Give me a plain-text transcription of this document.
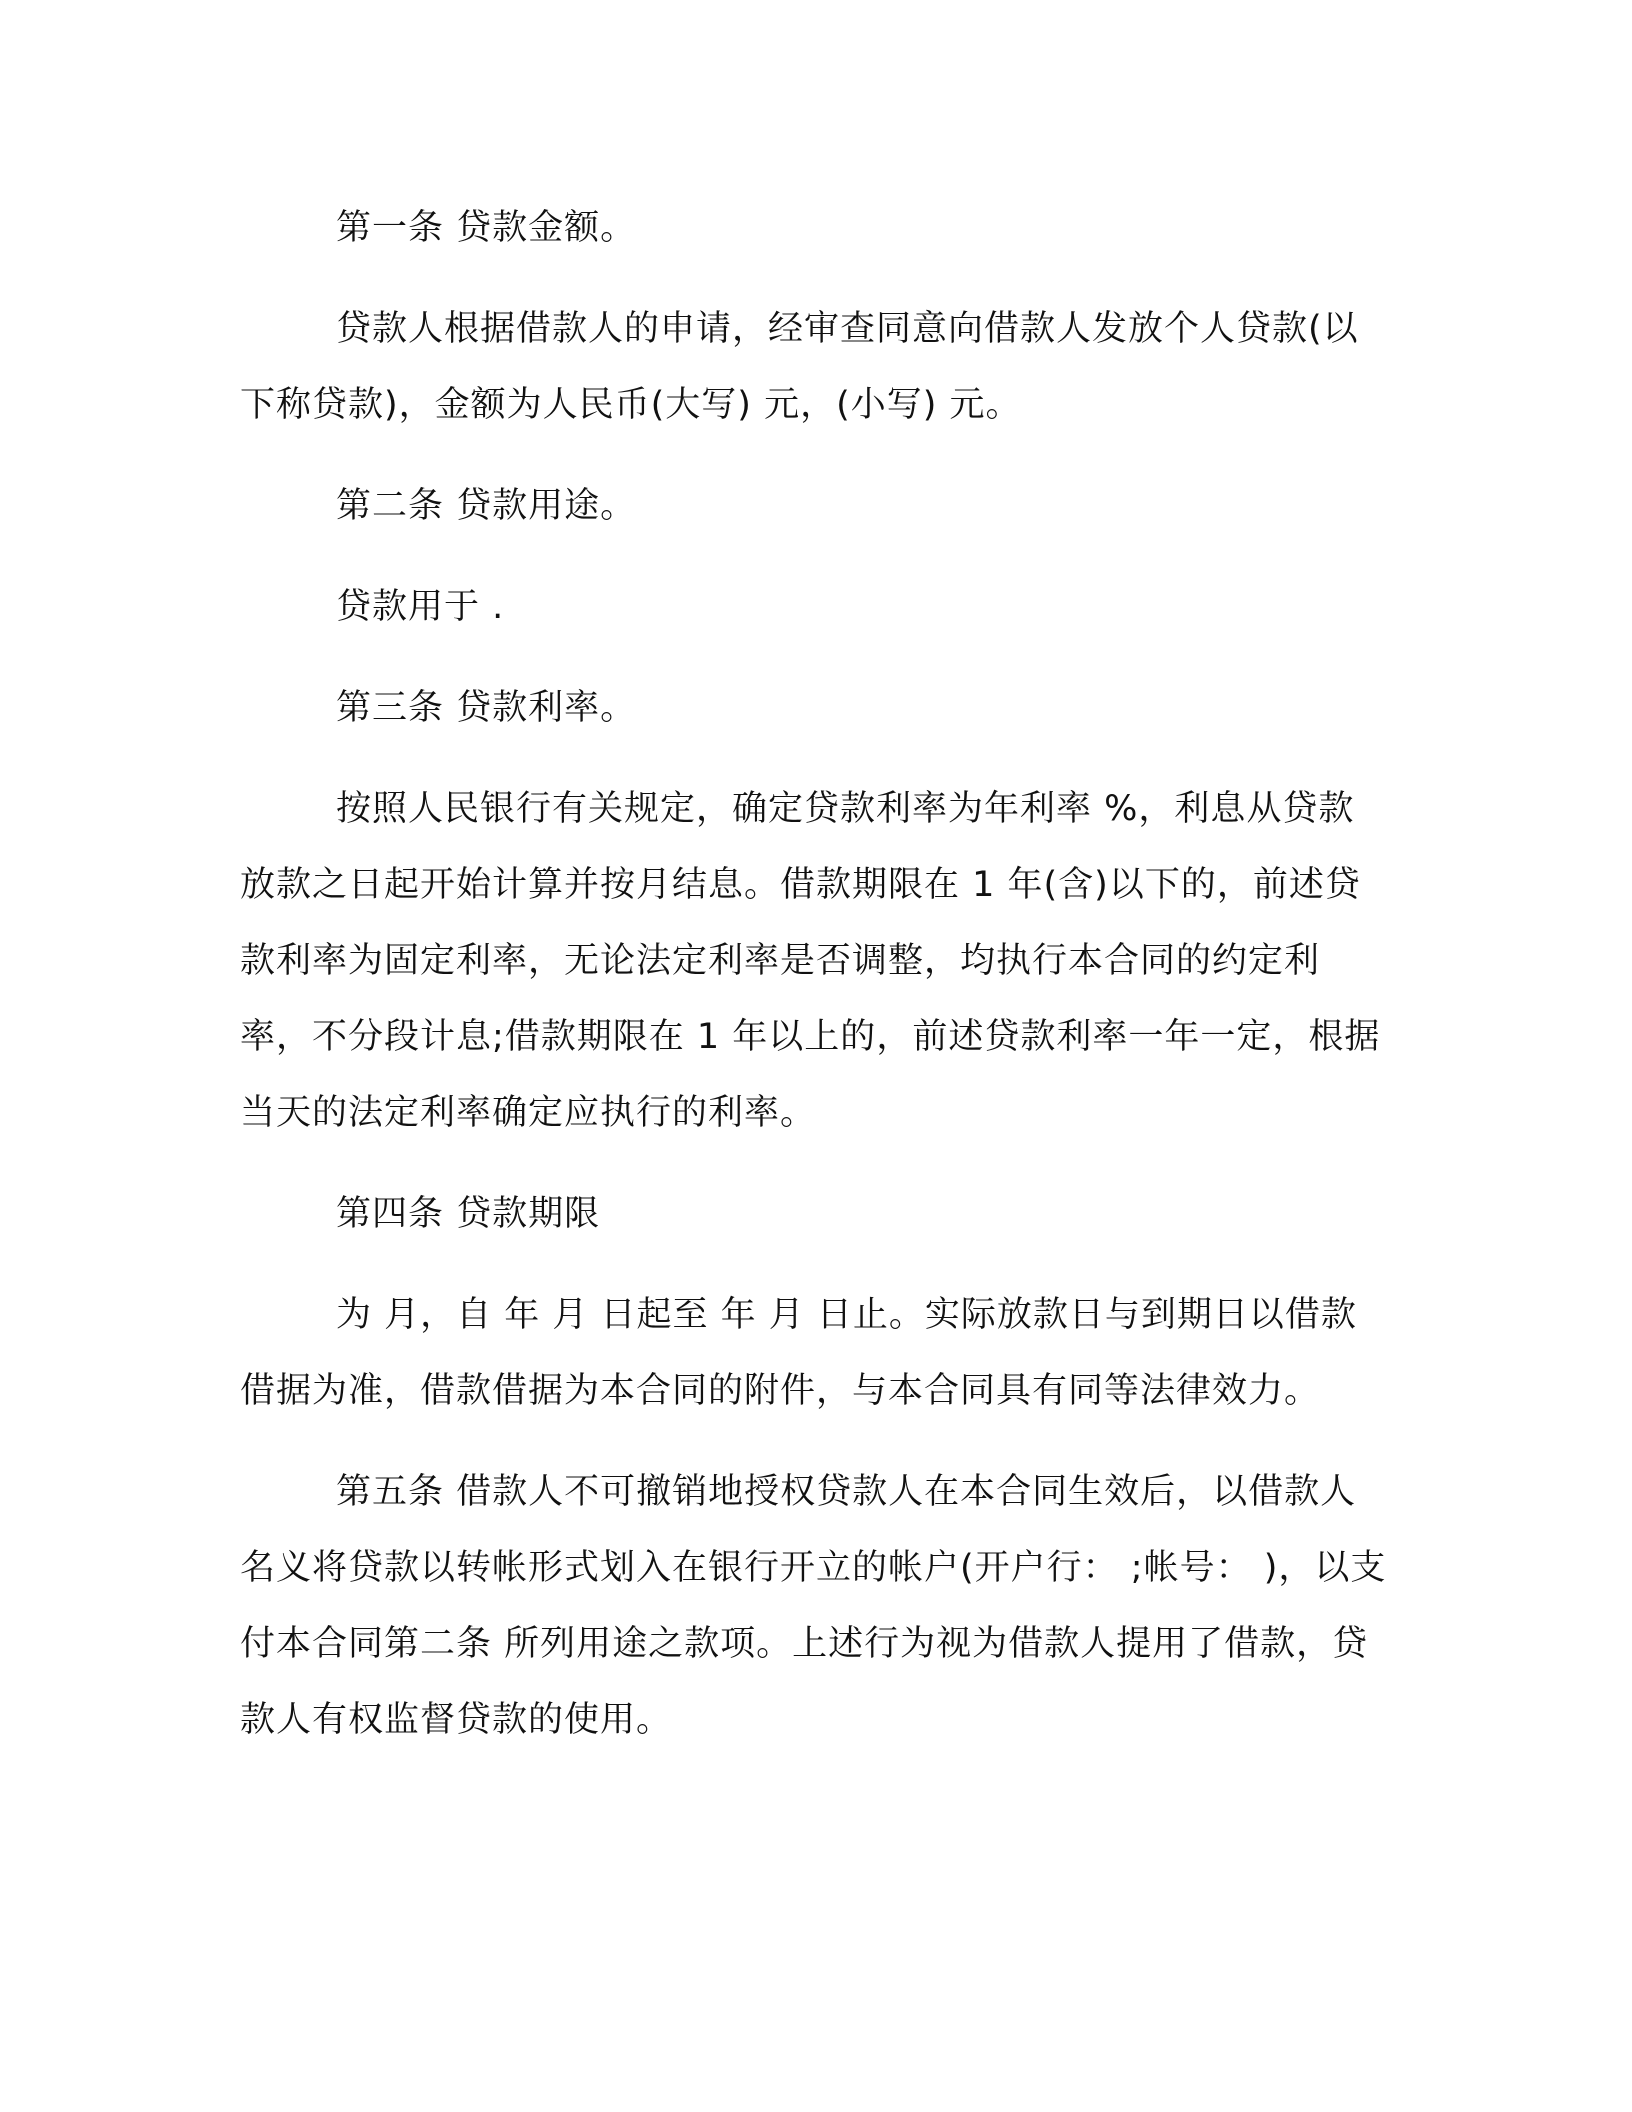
第一条 贷款金额。

贷款人根据借款人的申请，经审查同意向借款人发放个人贷款(以下称贷款)，金额为人民币(大写) 元，(小写) 元。

第二条 贷款用途。

贷款用于 .

第三条 贷款利率。

按照人民银行有关规定，确定贷款利率为年利率 %，利息从贷款放款之日起开始计算并按月结息。借款期限在 1 年(含)以下的，前述贷款利率为固定利率，无论法定利率是否调整，均执行本合同的约定利率，不分段计息;借款期限在 1 年以上的，前述贷款利率一年一定，根据当天的法定利率确定应执行的利率。

第四条 贷款期限

为 月，自 年 月 日起至 年 月 日止。实际放款日与到期日以借款借据为准，借款借据为本合同的附件，与本合同具有同等法律效力。

第五条 借款人不可撤销地授权贷款人在本合同生效后，以借款人名义将贷款以转帐形式划入在银行开立的帐户(开户行： ;帐号： )，以支付本合同第二条 所列用途之款项。上述行为视为借款人提用了借款，贷款人有权监督贷款的使用。
